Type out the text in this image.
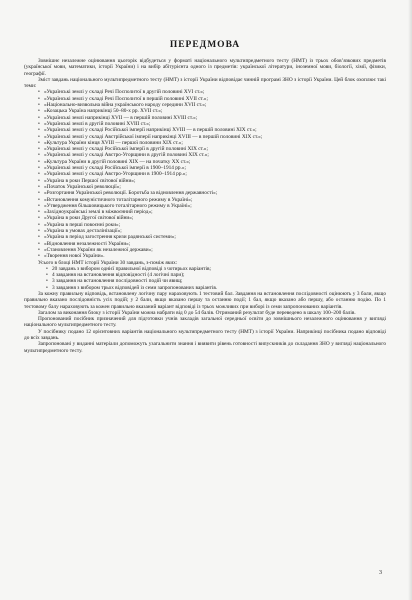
ПЕРЕДМОВА

Зовнішнє незалежне оцінювання цьогорік відбудеться у форматі національного мультипредметного тесту (НМТ) із трьох обов’язкових предметів (української мови, математики, історії України) і на вибір абітурієнта одного із предметів: української літератури, іноземної мови, біології, хімії, фізики, географії.

Зміст завдань національного мультипредметного тесту (НМТ) з історії України відповідає чинній програмі ЗНО з історії України. Цей блок охоплює такі теми:

• «Українські землі у складі Речі Посполитої в другій половині XVI ст.»;
• «Українські землі у складі Речі Посполитої в першій половині XVII ст.»;
• «Національно-визвольна війна українського народу середини XVII ст.»;
• «Козацька Україна наприкінці 50–80-х рр. XVII ст.»;
• «Українські землі наприкінці XVII — в першій половині XVIII ст.»;
• «Українські землі в другій половині XVIII ст.»;
• «Українські землі у складі Російської імперії наприкінці XVIII — в першій половині XIX ст.»;
• «Українські землі у складі Австрійської імперії наприкінці XVIII — в першій половині XIX ст.»;
• «Культура України кінця XVIII — першої половини XIX ст.»;
• «Українські землі у складі Російської імперії в другій половині XIX ст.»;
• «Українські землі у складі Австро-Угорщини в другій половині XIX ст.»;
• «Культура України в другій половині XIX — на початку XX ст.»;
• «Українські землі у складі Російської імперії в 1900–1914 рр.»;
• «Українські землі у складі Австро-Угорщини в 1900–1914 рр.»;
• «Україна в роки Першої світової війни»;
• «Початок Української революції»;
• «Розгортання Української революції. Боротьба за відновлення державності»;
• «Встановлення комуністичного тоталітарного режиму в Україні»;
• «Утвердження більшовицького тоталітарного режиму в Україні»;
• «Західноукраїнські землі в міжвоєнний період»;
• «Україна в роки Другої світової війни»;
• «Україна в перші повоєнні роки»;
• «Україна в умовах десталінізації»;
• «Україна в період загострення кризи радянської системи»;
• «Відновлення незалежності України»;
• «Становлення України як незалежної держави»;
• «Творення нової України».

Усього в блоці НМТ історії України 30 завдань, з-поміж яких:

• 20 завдань з вибором однієї правильної відповіді з чотирьох варіантів;
• 4 завдання на встановлення відповідності (4 логічні пари);
• 3 завдання на встановлення послідовності подій чи явищ;
• 3 завдання з вибором трьох відповідей із семи запропонованих варіантів.

За кожну правильну відповідь, встановлену логічну пару нараховують 1 тестовий бал. Завдання на встановлення послідовності оцінюють у 3 бали, якщо правильно вказано послідовність усіх подій; у 2 бали, якщо вказано першу та останню події; 1 бал, якщо вказано або першу, або останню подію. По 1 тестовому балу нараховують за кожен правильно вказаний варіант відповіді із трьох можливих при виборі із семи запропонованих варіантів.

Загалом за виконання блоку з історії України можна набрати від 0 до 54 балів. Отриманий результат буде переведено в шкалу 100–200 балів.

Пропонований посібник призначений для підготовки учнів закладів загальної середньої освіти до зовнішнього незалежного оцінювання у вигляді національного мультипредметного тесту.

У посібнику подано 12 орієнтовних варіантів національного мультипредметного тесту (НМТ) з історії України. Наприкінці посібника подано відповіді до всіх завдань.

Запропоновані у виданні матеріали допоможуть узагальнити знання і виявити рівень готовності випускників до складання ЗНО у вигляді національного мультипредметного тесту.

3
